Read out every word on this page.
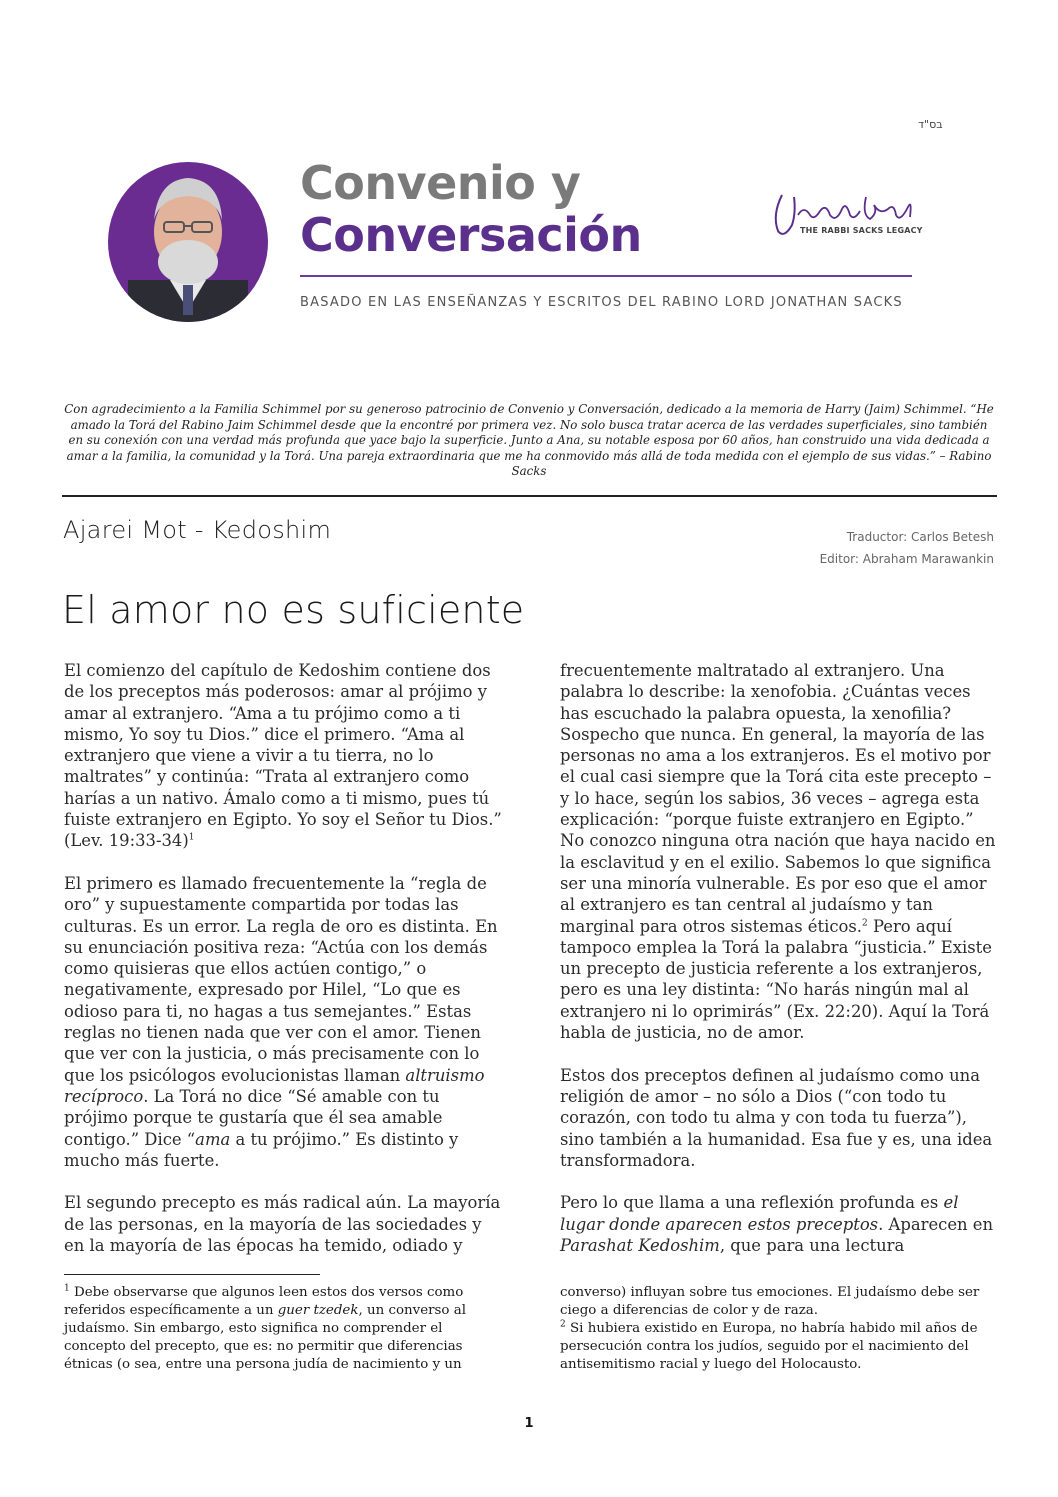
בס"ד
Convenio y
Conversación
Jonathan Sacks
THE RABBI SACKS LEGACY
BASADO EN LAS ENSEÑANZAS Y ESCRITOS DEL RABINO LORD JONATHAN SACKS
Con agradecimiento a la Familia Schimmel por su generoso patrocinio de Convenio y Conversación, dedicado a la memoria de Harry (Jaim) Schimmel. “He amado la Torá del Rabino Jaim Schimmel desde que la encontré por primera vez. No solo busca tratar acerca de las verdades superficiales, sino también en su conexión con una verdad más profunda que yace bajo la superficie. Junto a Ana, su notable esposa por 60 años, han construido una vida dedicada a amar a la familia, la comunidad y la Torá. Una pareja extraordinaria que me ha conmovido más allá de toda medida con el ejemplo de sus vidas.” – Rabino Sacks
Ajarei Mot - Kedoshim	Traductor: Carlos Betesh
Editor: Abraham Marawankin
El amor no es suficiente

El comienzo del capítulo de Kedoshim contiene dos de los preceptos más poderosos: amar al prójimo y amar al extranjero. “Ama a tu prójimo como a ti mismo, Yo soy tu Dios.” dice el primero. “Ama al extranjero que viene a vivir a tu tierra, no lo maltrates” y continúa: “Trata al extranjero como harías a un nativo. Ámalo como a ti mismo, pues tú fuiste extranjero en Egipto. Yo soy el Señor tu Dios.” (Lev. 19:33-34)$^1$

El primero es llamado frecuentemente la “regla de oro” y supuestamente compartida por todas las culturas. Es un error. La regla de oro es distinta. En su enunciación positiva reza: “Actúa con los demás como quisieras que ellos actúen contigo,” o negativamente, expresado por Hilel, “Lo que es odioso para ti, no hagas a tus semejantes.” Estas reglas no tienen nada que ver con el amor. Tienen que ver con la justicia, o más precisamente con lo que los psicólogos evolucionistas llaman altruismo recíproco. La Torá no dice “Sé amable con tu prójimo porque te gustaría que él sea amable contigo.” Dice “ama a tu prójimo.” Es distinto y mucho más fuerte.

El segundo precepto es más radical aún. La mayoría de las personas, en la mayoría de las sociedades y en la mayoría de las épocas ha temido, odiado y

frecuentemente maltratado al extranjero. Una palabra lo describe: la xenofobia. ¿Cuántas veces has escuchado la palabra opuesta, la xenofilia? Sospecho que nunca. En general, la mayoría de las personas no ama a los extranjeros. Es el motivo por el cual casi siempre que la Torá cita este precepto – y lo hace, según los sabios, 36 veces – agrega esta explicación: “porque fuiste extranjero en Egipto.” No conozco ninguna otra nación que haya nacido en la esclavitud y en el exilio. Sabemos lo que significa ser una minoría vulnerable. Es por eso que el amor al extranjero es tan central al judaísmo y tan marginal para otros sistemas éticos.$^2$ Pero aquí tampoco emplea la Torá la palabra “justicia.” Existe un precepto de justicia referente a los extranjeros, pero es una ley distinta: “No harás ningún mal al extranjero ni lo oprimirás” (Ex. 22:20). Aquí la Torá habla de justicia, no de amor.

Estos dos preceptos definen al judaísmo como una religión de amor – no sólo a Dios (“con todo tu corazón, con todo tu alma y con toda tu fuerza”), sino también a la humanidad. Esa fue y es, una idea transformadora.

Pero lo que llama a una reflexión profunda es el lugar donde aparecen estos preceptos. Aparecen en Parashat Kedoshim, que para una lectura

$^1$ Debe observarse que algunos leen estos dos versos como referidos específicamente a un guer tzedek, un converso al judaísmo. Sin embargo, esto significa no comprender el concepto del precepto, que es: no permitir que diferencias étnicas (o sea, entre una persona judía de nacimiento y un

converso) influyan sobre tus emociones. El judaísmo debe ser ciego a diferencias de color y de raza.

$^2$ Si hubiera existido en Europa, no habría habido mil años de persecución contra los judíos, seguido por el nacimiento del antisemitismo racial y luego del Holocausto.

1
